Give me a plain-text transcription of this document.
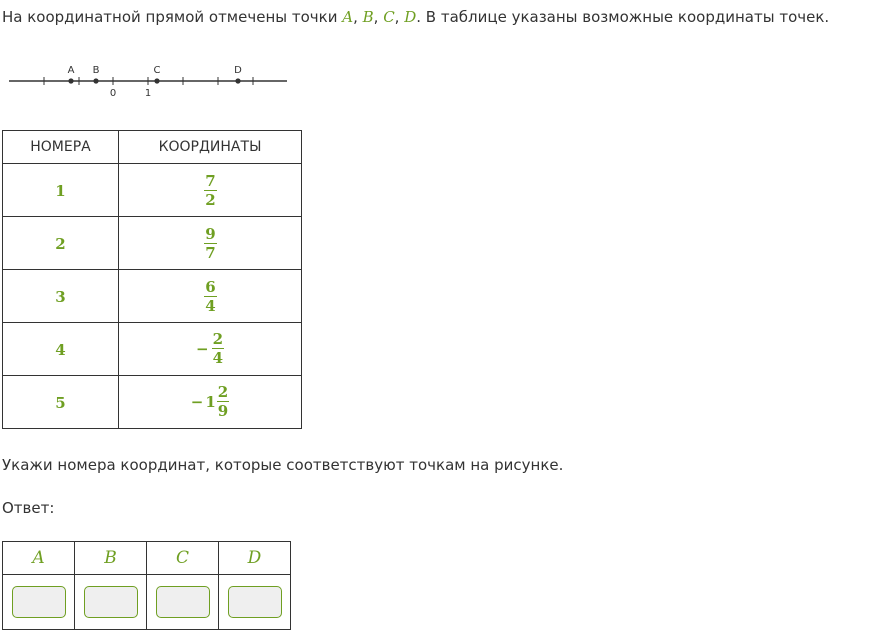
На координатной прямой отмечены точки A, B, C, D. В таблице указаны возможные координаты точек.

A B	C	D
0	1
НОМЕРА	КООРДИНАТЫ
1	$\frac{7}{2}$

2	$\frac{9}{7}$

3	$\frac{6}{4}$

4	− $\frac{2}{4}$

5	− $1 \frac{2}{9}$

Укажи номера координат, которые соответствуют точкам на рисунке.

Ответ:

A	B	C	D
